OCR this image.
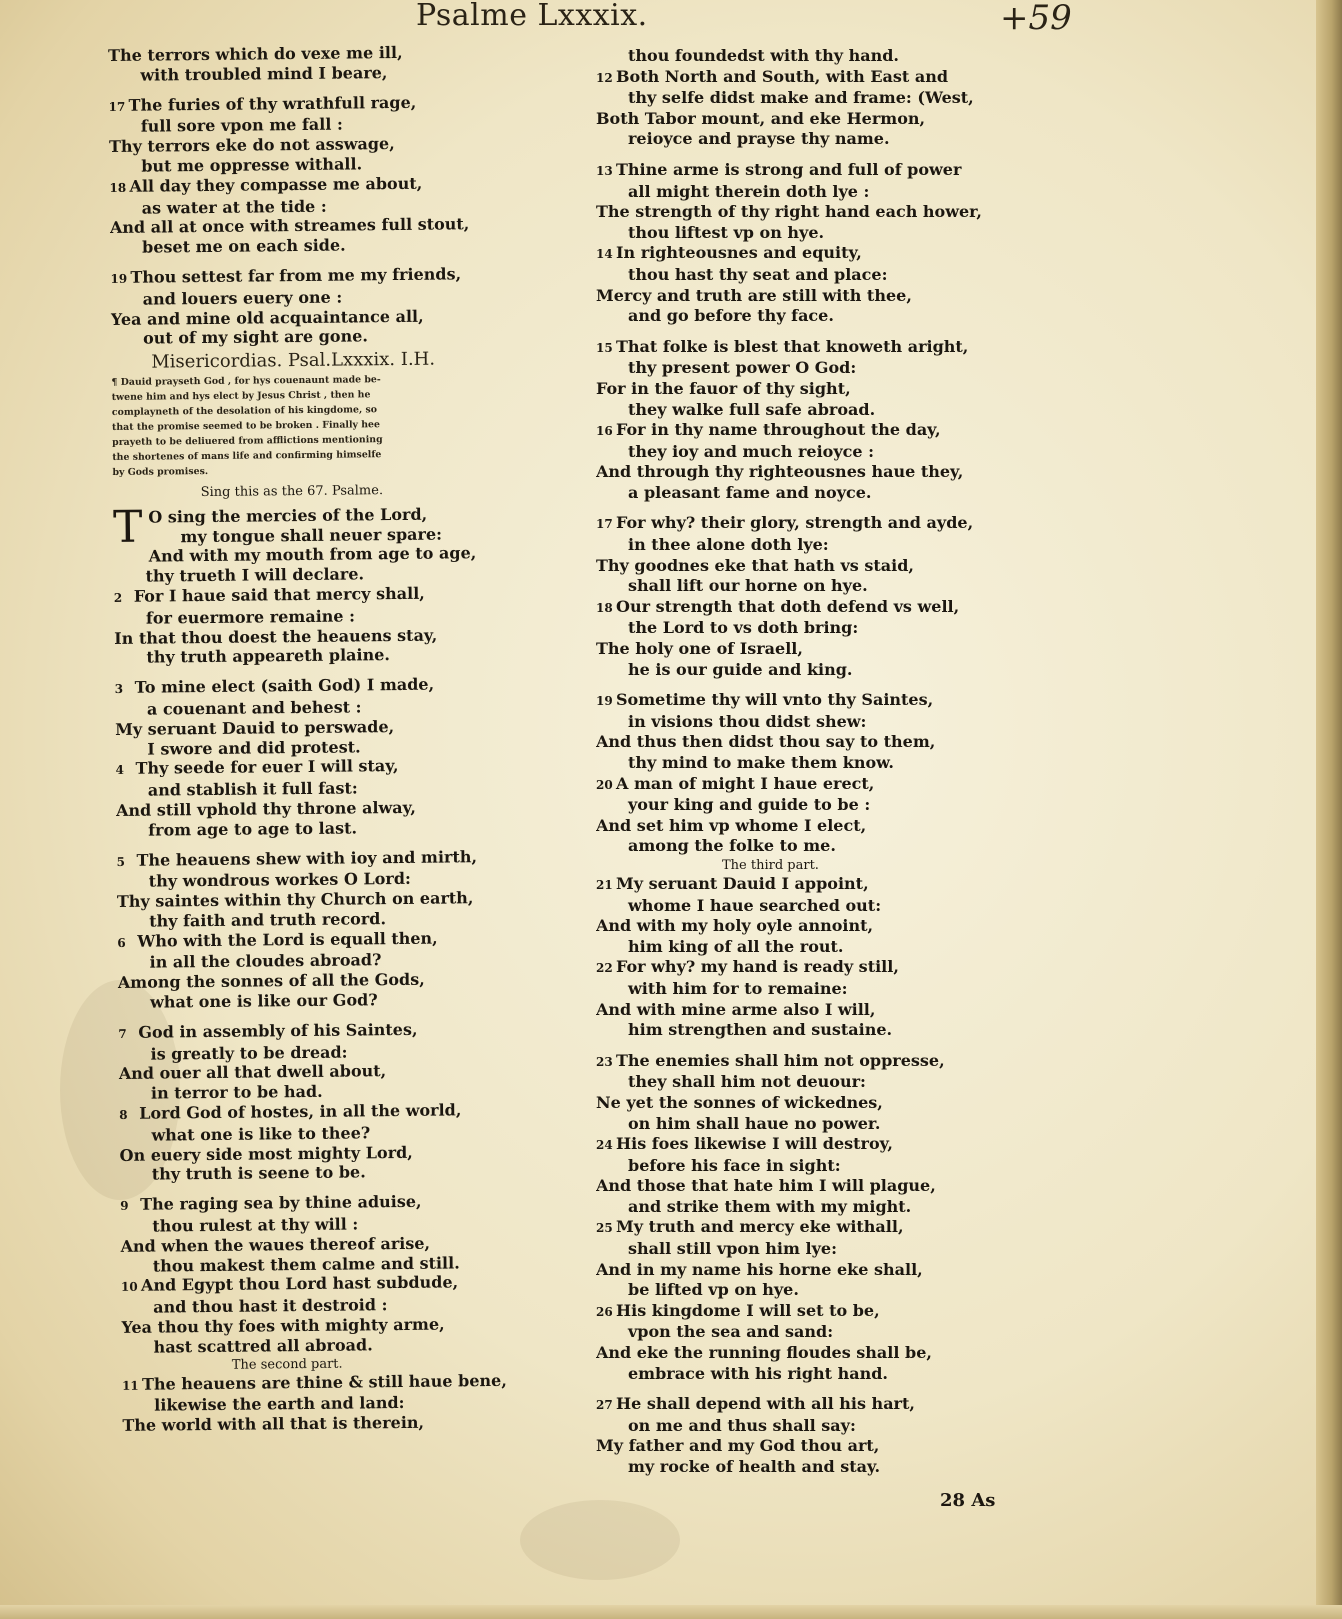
Psalme Lxxxix.	+59
The terrors which do vexe me ill,
with troubled mind I beare,
17 The furies of thy wrathfull rage,
full sore vpon me fall :
Thy terrors eke do not asswage,
but me oppresse withall.
18 All day they compasse me about,
as water at the tide :
And all at once with streames full stout,
beset me on each side.
19 Thou settest far from me my friends,
and louers euery one :
Yea and mine old acquaintance all,
out of my sight are gone.
Misericordias. Psal.Lxxxix. I.H.
¶ Dauid prayseth God , for hys couenaunt made be-
twene him and hys elect by Jesus Christ , then he
complayneth of the desolation of his kingdome, so
that the promise seemed to be broken . Finally hee
prayeth to be deliuered from afflictions mentioning
the shortenes of mans life and confirming himselfe
by Gods promises.
Sing this as the 67. Psalme.
T O sing the mercies of the Lord,
my tongue shall neuer spare:
And with my mouth from age to age,
thy trueth I will declare.
2 For I haue said that mercy shall,
for euermore remaine :
In that thou doest the heauens stay,
thy truth appeareth plaine.
3 To mine elect (saith God) I made,
a couenant and behest :
My seruant Dauid to perswade,
I swore and did protest.
4 Thy seede for euer I will stay,
and stablish it full fast:
And still vphold thy throne alway,
from age to age to last.
5 The heauens shew with ioy and mirth,
thy wondrous workes O Lord:
Thy saintes within thy Church on earth,
thy faith and truth record.
6 Who with the Lord is equall then,
in all the cloudes abroad?
Among the sonnes of all the Gods,
what one is like our God?
7 God in assembly of his Saintes,
is greatly to be dread:
And ouer all that dwell about,
in terror to be had.
8 Lord God of hostes, in all the world,
what one is like to thee?
On euery side most mighty Lord,
thy truth is seene to be.
9 The raging sea by thine aduise,
thou rulest at thy will :
And when the waues thereof arise,
thou makest them calme and still.
10 And Egypt thou Lord hast subdude,
and thou hast it destroid :
Yea thou thy foes with mighty arme,
hast scattred all abroad.
The second part.
11 The heauens are thine & still haue bene,
likewise the earth and land:
The world with all that is therein,
thou foundedst with thy hand.
12 Both North and South, with East and
thy selfe didst make and frame: (West,
Both Tabor mount, and eke Hermon,
reioyce and prayse thy name.
13 Thine arme is strong and full of power
all might therein doth lye :
The strength of thy right hand each hower,
thou liftest vp on hye.
14 In righteousnes and equity,
thou hast thy seat and place:
Mercy and truth are still with thee,
and go before thy face.
15 That folke is blest that knoweth aright,
thy present power O God:
For in the fauor of thy sight,
they walke full safe abroad.
16 For in thy name throughout the day,
they ioy and much reioyce :
And through thy righteousnes haue they,
a pleasant fame and noyce.
17 For why? their glory, strength and ayde,
in thee alone doth lye:
Thy goodnes eke that hath vs staid,
shall lift our horne on hye.
18 Our strength that doth defend vs well,
the Lord to vs doth bring:
The holy one of Israell,
he is our guide and king.
19 Sometime thy will vnto thy Saintes,
in visions thou didst shew:
And thus then didst thou say to them,
thy mind to make them know.
20 A man of might I haue erect,
your king and guide to be :
And set him vp whome I elect,
among the folke to me.
The third part.
21 My seruant Dauid I appoint,
whome I haue searched out:
And with my holy oyle annoint,
him king of all the rout.
22 For why? my hand is ready still,
with him for to remaine:
And with mine arme also I will,
him strengthen and sustaine.
23 The enemies shall him not oppresse,
they shall him not deuour:
Ne yet the sonnes of wickednes,
on him shall haue no power.
24 His foes likewise I will destroy,
before his face in sight:
And those that hate him I will plague,
and strike them with my might.
25 My truth and mercy eke withall,
shall still vpon him lye:
And in my name his horne eke shall,
be lifted vp on hye.
26 His kingdome I will set to be,
vpon the sea and sand:
And eke the running floudes shall be,
embrace with his right hand.
27 He shall depend with all his hart,
on me and thus shall say:
My father and my God thou art,
my rocke of health and stay.
28 As
